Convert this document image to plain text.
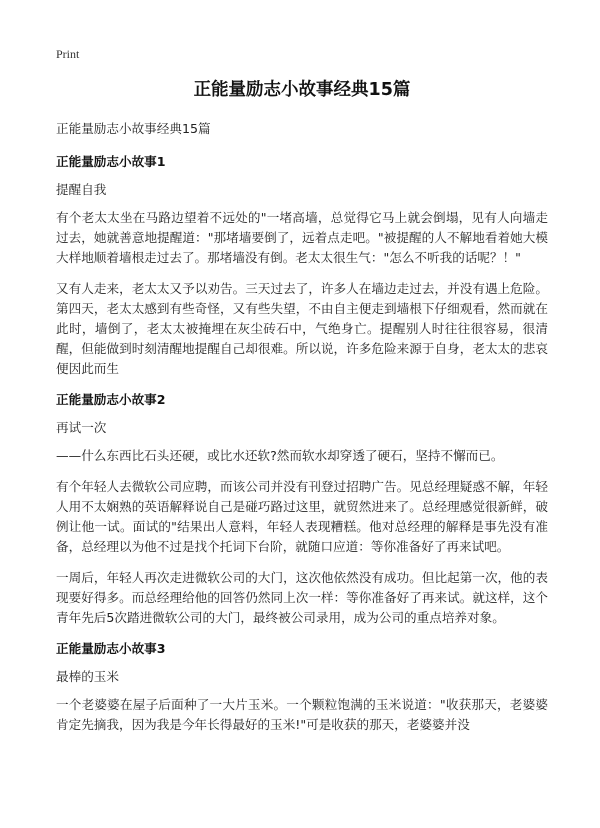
Print
正能量励志小故事经典15篇
正能量励志小故事经典15篇
正能量励志小故事1
提醒自我

有个老太太坐在马路边望着不远处的"一堵高墙，总觉得它马上就会倒塌，见有人向墙走过去，她就善意地提醒道："那堵墙要倒了，远着点走吧。"被提醒的人不解地看着她大模大样地顺着墙根走过去了。那堵墙没有倒。老太太很生气："怎么不听我的话呢？！"

又有人走来，老太太又予以劝告。三天过去了，许多人在墙边走过去，并没有遇上危险。第四天，老太太感到有些奇怪，又有些失望，不由自主便走到墙根下仔细观看，然而就在此时，墙倒了，老太太被掩埋在灰尘砖石中，气绝身亡。提醒别人时往往很容易，很清醒，但能做到时刻清醒地提醒自己却很难。所以说，许多危险来源于自身，老太太的悲哀便因此而生

正能量励志小故事2
再试一次

——什么东西比石头还硬，或比水还软?然而软水却穿透了硬石，坚持不懈而已。

有个年轻人去微软公司应聘，而该公司并没有刊登过招聘广告。见总经理疑惑不解，年轻人用不太娴熟的英语解释说自己是碰巧路过这里，就贸然进来了。总经理感觉很新鲜，破例让他一试。面试的"结果出人意料，年轻人表现糟糕。他对总经理的解释是事先没有准备，总经理以为他不过是找个托词下台阶，就随口应道：等你准备好了再来试吧。

一周后，年轻人再次走进微软公司的大门，这次他依然没有成功。但比起第一次，他的表现要好得多。而总经理给他的回答仍然同上次一样：等你准备好了再来试。就这样，这个青年先后5次踏进微软公司的大门，最终被公司录用，成为公司的重点培养对象。

正能量励志小故事3
最棒的玉米

一个老婆婆在屋子后面种了一大片玉米。一个颗粒饱满的玉米说道："收获那天，老婆婆肯定先摘我，因为我是今年长得最好的玉米!"可是收获的那天，老婆婆并没
